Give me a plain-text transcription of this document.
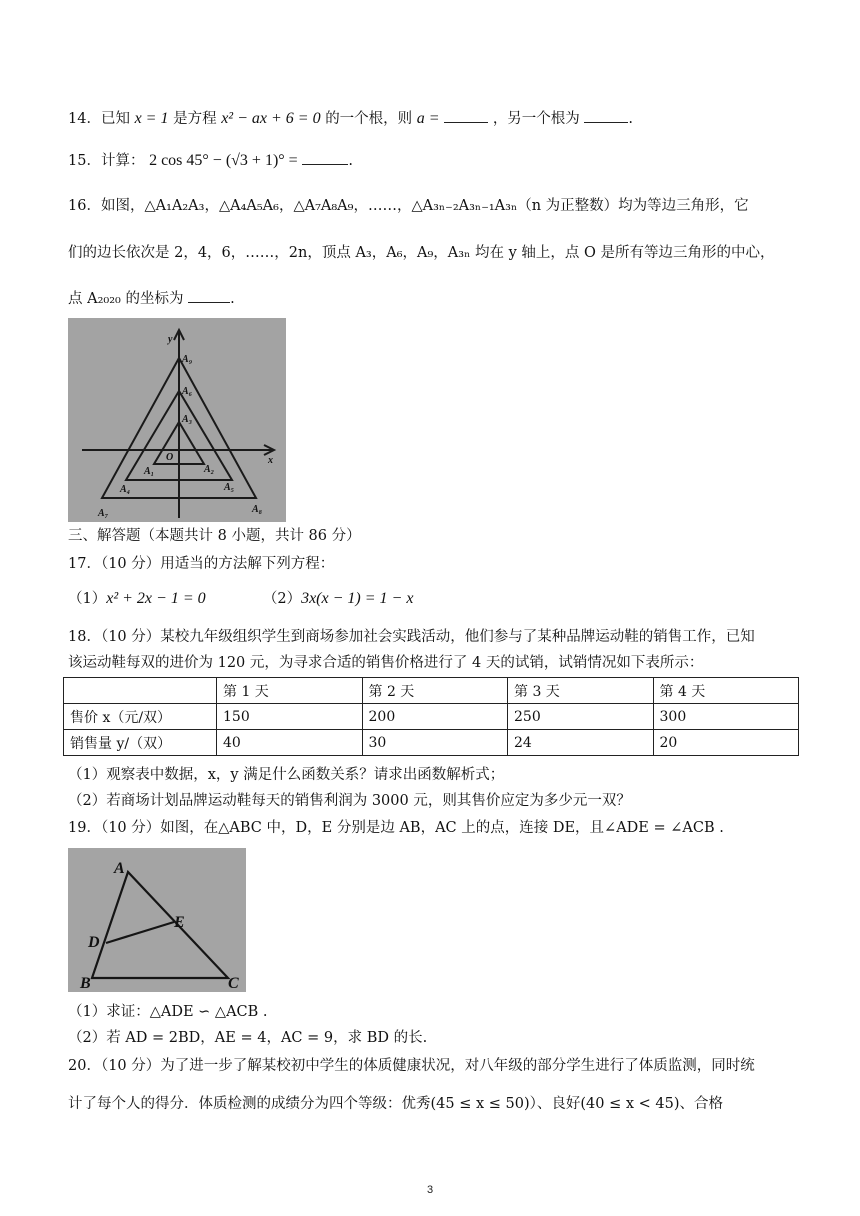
14．已知 x = 1 是方程 x² − ax + 6 = 0 的一个根，则 a =	，另一个根为	.
15．计算： 2 cos 45° − (√3 + 1)° =	.
16．如图，△A₁A₂A₃，△A₄A₅A₆，△A₇A₈A₉，……，△A₃ₙ₋₂A₃ₙ₋₁A₃ₙ（n 为正整数）均为等边三角形，它
们的边长依次是 2，4，6，……，2n，顶点 A₃，A₆，A₉，A₃ₙ 均在 y 轴上，点 O 是所有等边三角形的中心，
点 A₂₀₂₀ 的坐标为	.
y
A₉
A₆
A₃
O
A₁	A₂
x
A₄	A₅
A₇	A₈
三、解答题（本题共计 8 小题，共计 86 分）
17．（10 分）用适当的方法解下列方程：
（1）x² + 2x − 1 = 0	（2）3x(x − 1) = 1 − x
18．（10 分）某校九年级组织学生到商场参加社会实践活动，他们参与了某种品牌运动鞋的销售工作，已知
该运动鞋每双的进价为 120 元，为寻求合适的销售价格进行了 4 天的试销，试销情况如下表所示：
	第 1 天	第 2 天	第 3 天	第 4 天
售价 x（元/双）	150	200	250	300
销售量 y/（双）	40	30	24	20
（1）观察表中数据，x，y 满足什么函数关系？请求出函数解析式；
（2）若商场计划品牌运动鞋每天的销售利润为 3000 元，则其售价应定为多少元一双？
19．（10 分）如图，在△ABC 中，D，E 分别是边 AB，AC 上的点，连接 DE，且∠ADE = ∠ACB .
A
E
D
B	C
（1）求证：△ADE ∽ △ACB .
（2）若 AD = 2BD，AE = 4，AC = 9，求 BD 的长.
20．（10 分）为了进一步了解某校初中学生的体质健康状况，对八年级的部分学生进行了体质监测，同时统
计了每个人的得分．体质检测的成绩分为四个等级：优秀(45 ≤ x ≤ 50)）、良好(40 ≤ x < 45)、合格
3
